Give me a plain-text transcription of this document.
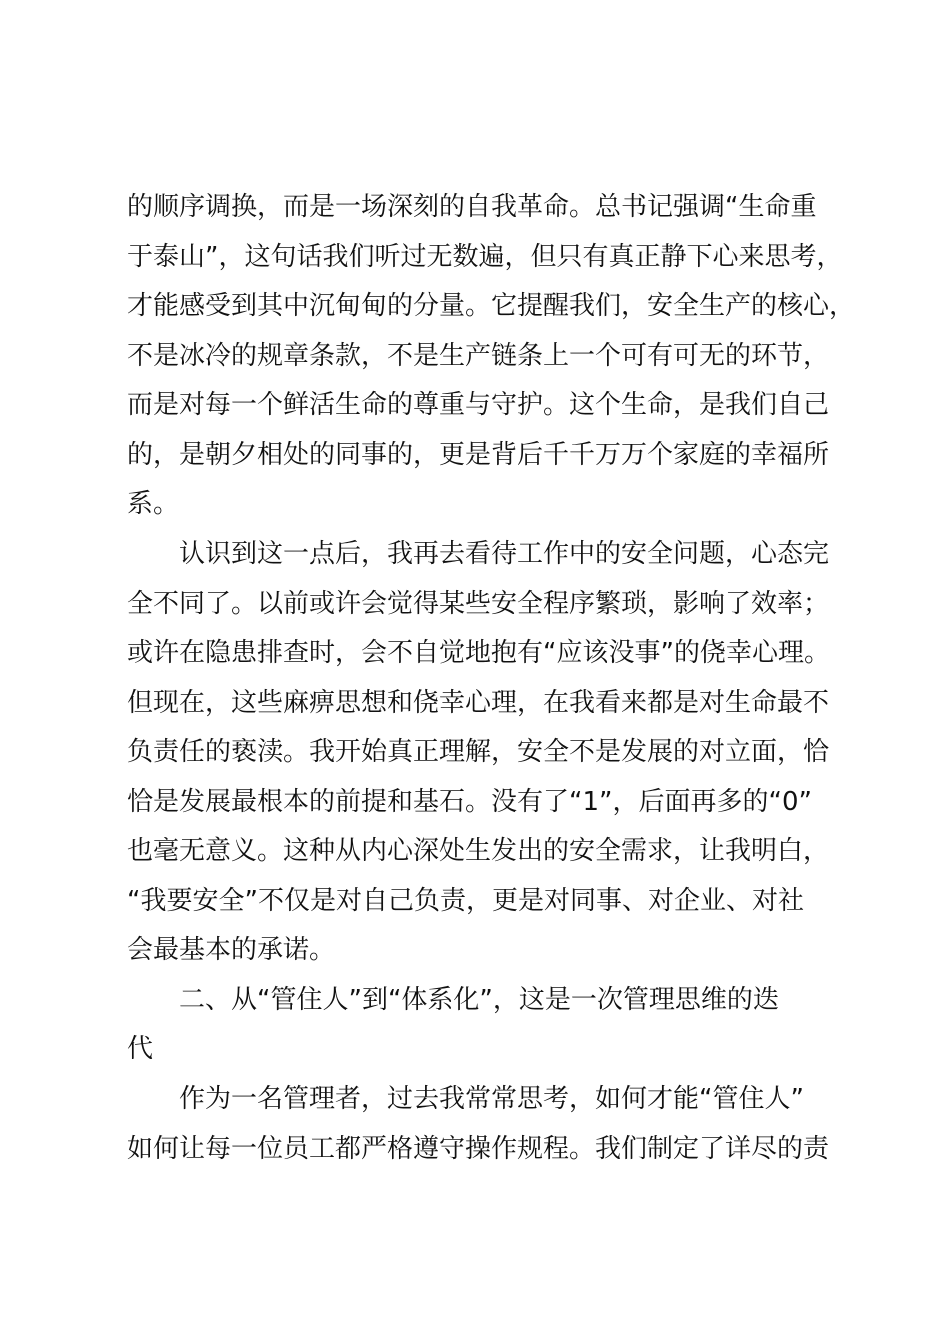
的顺序调换，而是一场深刻的自我革命。总书记强调“生命重
于泰山”，这句话我们听过无数遍，但只有真正静下心来思考，
才能感受到其中沉甸甸的分量。它提醒我们，安全生产的核心，
不是冰冷的规章条款，不是生产链条上一个可有可无的环节，
而是对每一个鲜活生命的尊重与守护。这个生命，是我们自己
的，是朝夕相处的同事的，更是背后千千万万个家庭的幸福所
系。
认识到这一点后，我再去看待工作中的安全问题，心态完
全不同了。以前或许会觉得某些安全程序繁琐，影响了效率；
或许在隐患排查时，会不自觉地抱有“应该没事”的侥幸心理。
但现在，这些麻痹思想和侥幸心理，在我看来都是对生命最不
负责任的亵渎。我开始真正理解，安全不是发展的对立面，恰
恰是发展最根本的前提和基石。没有了“1”，后面再多的“0”
也毫无意义。这种从内心深处生发出的安全需求，让我明白，
“我要安全”不仅是对自己负责，更是对同事、对企业、对社
会最基本的承诺。
二、从“管住人”到“体系化”，这是一次管理思维的迭
代
作为一名管理者，过去我常常思考，如何才能“管住人”
如何让每一位员工都严格遵守操作规程。我们制定了详尽的责
